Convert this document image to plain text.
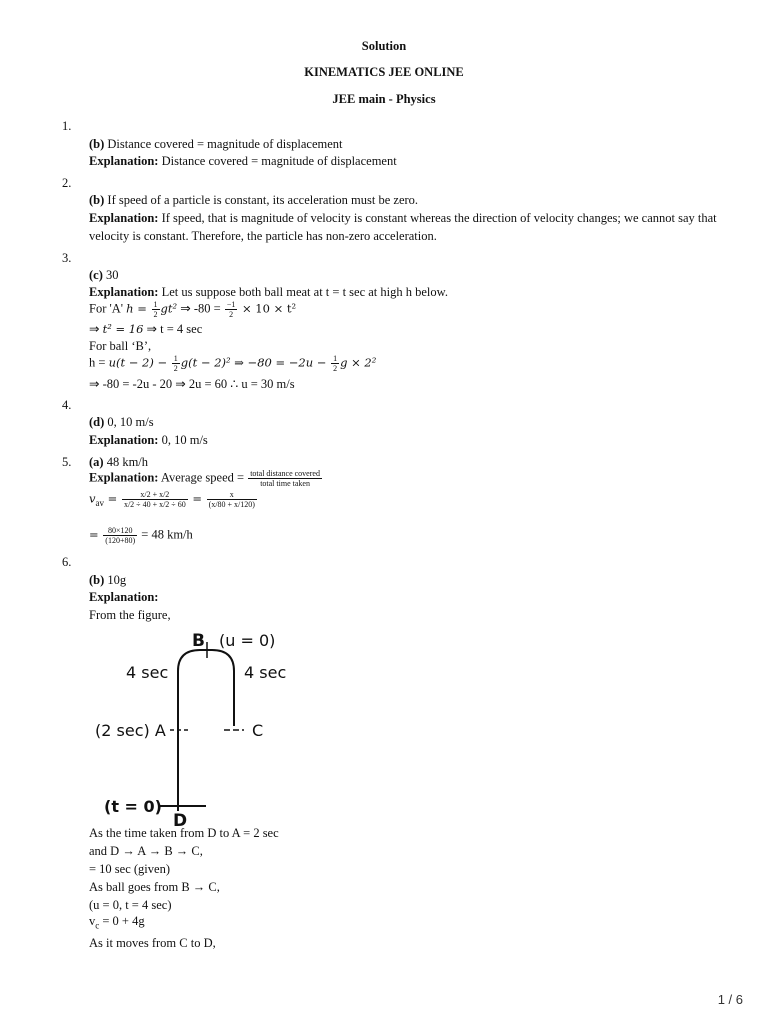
Solution
KINEMATICS JEE ONLINE
JEE main - Physics
1.
(b) Distance covered = magnitude of displacement
Explanation: Distance covered = magnitude of displacement
2.
(b) If speed of a particle is constant, its acceleration must be zero.
Explanation: If speed, that is magnitude of velocity is constant whereas the direction of velocity changes; we cannot say that velocity is constant. Therefore, the particle has non-zero acceleration.
3.
(c) 30
Explanation: Let us suppose both ball meat at t = t sec at high h below.
For 'A' $h = \frac{1}{2} gt^2$ ⇒ $-80 = \frac{-1}{2} \times 10 \times t^2$
⇒ t² = 16 ⇒ t = 4 sec
For ball ‘B’,
$h = u(t - 2) - \frac{1}{2} g(t - 2)^2$ ⇒ $-80 = -2u - \frac{1}{2}$ g × 2²
⇒ -80 = -2u - 20 ⇒ 2u = 60 ∴ u = 30 m/s
4.
(d) 0, 10 m/s
Explanation: 0, 10 m/s
5. (a) 48 km/h
Explanation: Average speed = $\frac{\text{total distance covered}}{\text{total time taken}}$
$v_{av} = \frac{x/2 + x/2}{x/2 \div 40 + x/2 \div 60} = \frac{x}{(x/80 + x/120)}$
= $\frac{80\times 120}{(120+80)} = 48$ km/h
6.
(b) 10g
Explanation:
From the figure,
B (u = 0)
4 sec	4 sec
(2 sec) A	C
(t = 0)
D
As the time taken from D to A = 2 sec
and D → A → B → C,
= 10 sec (given)
As ball goes from B → C,
(u = 0, t = 4 sec)
$v_c = 0 + 4g$
As it moves from C to D,
1 / 6
